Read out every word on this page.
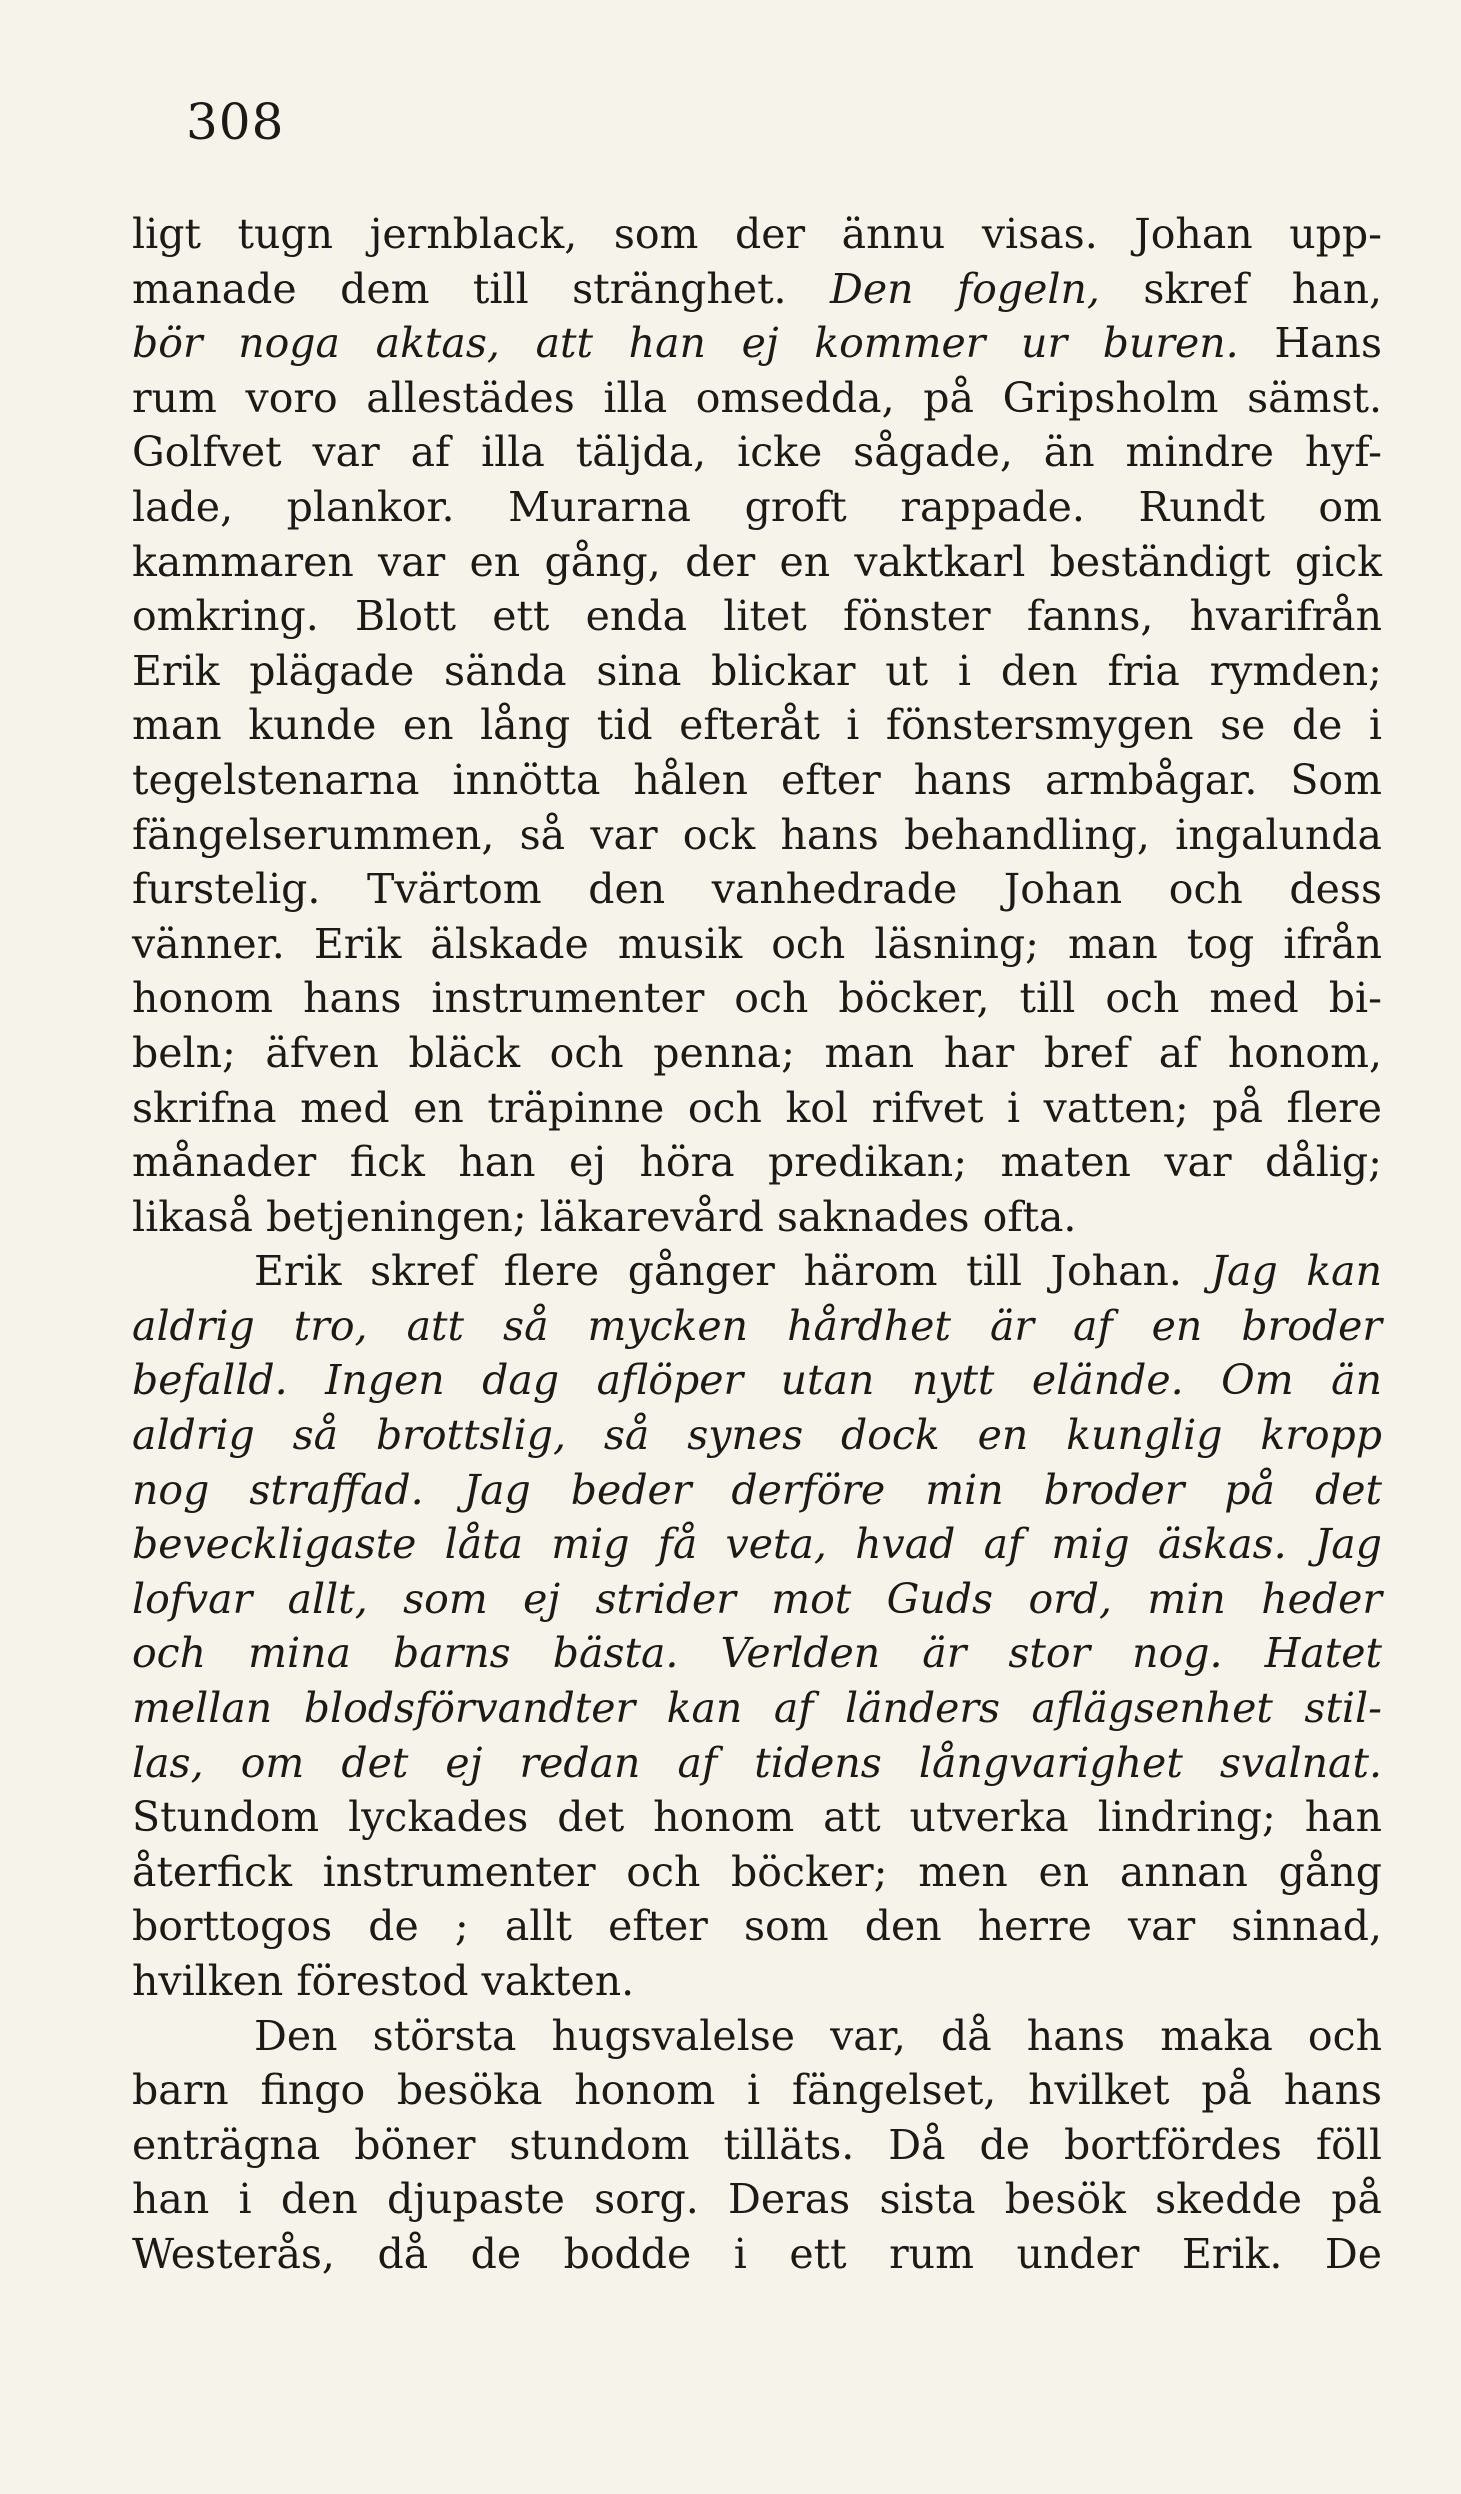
308
ligt tugn jernblack, som der ännu visas. Johan upp-
manade dem till stränghet. Den fogeln, skref han,
bör noga aktas, att han ej kommer ur buren. Hans
rum voro allestädes illa omsedda, på Gripsholm sämst.
Golfvet var af illa täljda, icke sågade, än mindre hyf-
lade, plankor. Murarna groft rappade. Rundt om
kammaren var en gång, der en vaktkarl beständigt gick
omkring. Blott ett enda litet fönster fanns, hvarifrån
Erik plägade sända sina blickar ut i den fria rymden;
man kunde en lång tid efteråt i fönstersmygen se de i
tegelstenarna innötta hålen efter hans armbågar. Som
fängelserummen, så var ock hans behandling, ingalunda
furstelig. Tvärtom den vanhedrade Johan och dess
vänner. Erik älskade musik och läsning; man tog ifrån
honom hans instrumenter och böcker, till och med bi-
beln; äfven bläck och penna; man har bref af honom,
skrifna med en träpinne och kol rifvet i vatten; på flere
månader fick han ej höra predikan; maten var dålig;
likaså betjeningen; läkarevård saknades ofta.
Erik skref flere gånger härom till Johan. Jag kan
aldrig tro, att så mycken hårdhet är af en broder
befalld. Ingen dag aflöper utan nytt elände. Om än
aldrig så brottslig, så synes dock en kunglig kropp
nog straffad. Jag beder derföre min broder på det
beveckligaste låta mig få veta, hvad af mig äskas. Jag
lofvar allt, som ej strider mot Guds ord, min heder
och mina barns bästa. Verlden är stor nog. Hatet
mellan blodsförvandter kan af länders aflägsenhet stil-
las, om det ej redan af tidens långvarighet svalnat.
Stundom lyckades det honom att utverka lindring; han
återfick instrumenter och böcker; men en annan gång
borttogos de ; allt efter som den herre var sinnad,
hvilken förestod vakten.
Den största hugsvalelse var, då hans maka och
barn fingo besöka honom i fängelset, hvilket på hans
enträgna böner stundom tilläts. Då de bortfördes föll
han i den djupaste sorg. Deras sista besök skedde på
Westerås, då de bodde i ett rum under Erik. De
